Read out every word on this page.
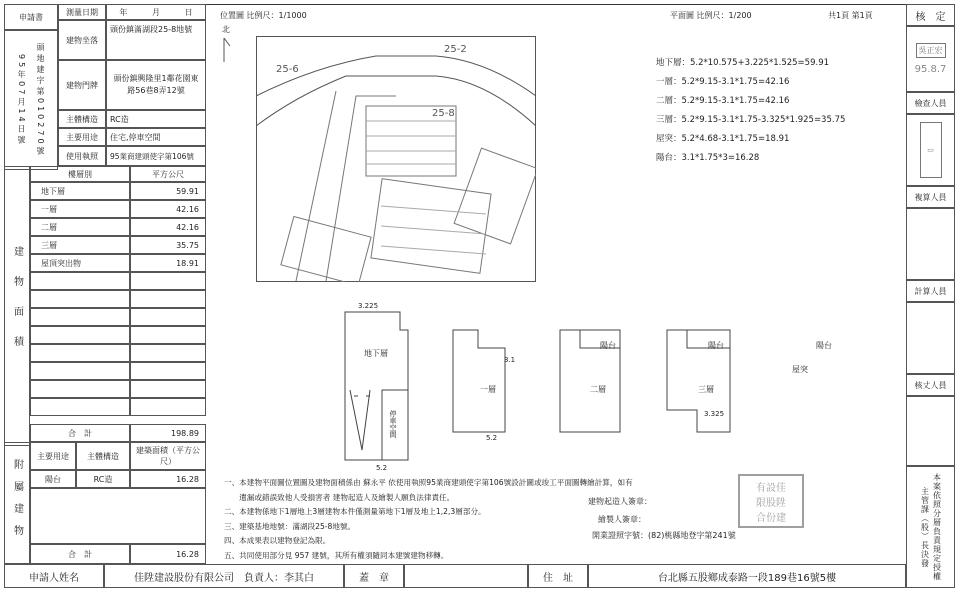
申請書
測量日期	年	月	日
95年07月14日號 頭地建字第010270號
建物坐落
頭份鎮滿湖段25-8地號
建物門牌
頭份鎮興隆里1鄰花園東路56巷8弄12號
主體構造	RC造
主要用途	住宅,停車空間
使用執照	95業商建頭使字第106號
建物面積
樓層別	平方公尺
地下層	59.91
一層	42.16
二層	42.16
三層	35.75
屋頂突出物	18.91
合　計	198.89
附屬建物
主要用途	主體構造
建築面積（平方公尺）
陽台	RC造	16.28
合　計	16.28
申請人姓名	佳陞建設股份有限公司　負責人：李其白	蓋　章	住　址	台北縣五股鄉成泰路一段189巷16號5樓
核　定
吳正宏
95.8.7
檢查人員
▭
複算人員
計算人員
核丈人員
本案依照分層負責規定授權主管課（股）長決發
位置圖 比例尺：1/1000	平面圖 比例尺：1/200	共1頁 第1頁
北
25-2
25-6
25-8
地下層：5.2*10.575+3.225*1.525=59.91
一層：5.2*9.15-3.1*1.75=42.16
二層：5.2*9.15-3.1*1.75=42.16
三層：5.2*9.15-3.1*1.75-3.325*1.925=35.75
屋突：5.2*4.68-3.1*1.75=18.91
陽台：3.1*1.75*3=16.28
地下層
一層	二層	三層
屋突
陽台	陽台	陽台
停車空間
3.225
5.2
5.2
3.1
3.325
一、本建物平面圖位置圖及建物面積係由 蘇永平 依使用執照95業商建頭使字第106號設計圖或竣工平面圖轉繪計算，如有
　　遺漏或錯誤致他人受損害者 建物起造人及繪製人願負法律責任。
二、本建物係地下1層地上3層建物本件僅測量第地下1層及地上1,2,3層部分。
三、建築基地地號：滿湖段25-8地號。
四、本成果表以建物登記為限。
五、共同使用部分見 957 建號，其所有權須隨同本建號建物移轉。
建物起造人簽章：
繪製人簽章：
開業證照字號：(82)桃縣地登字第241號
有設佳
限股陞
合份建
